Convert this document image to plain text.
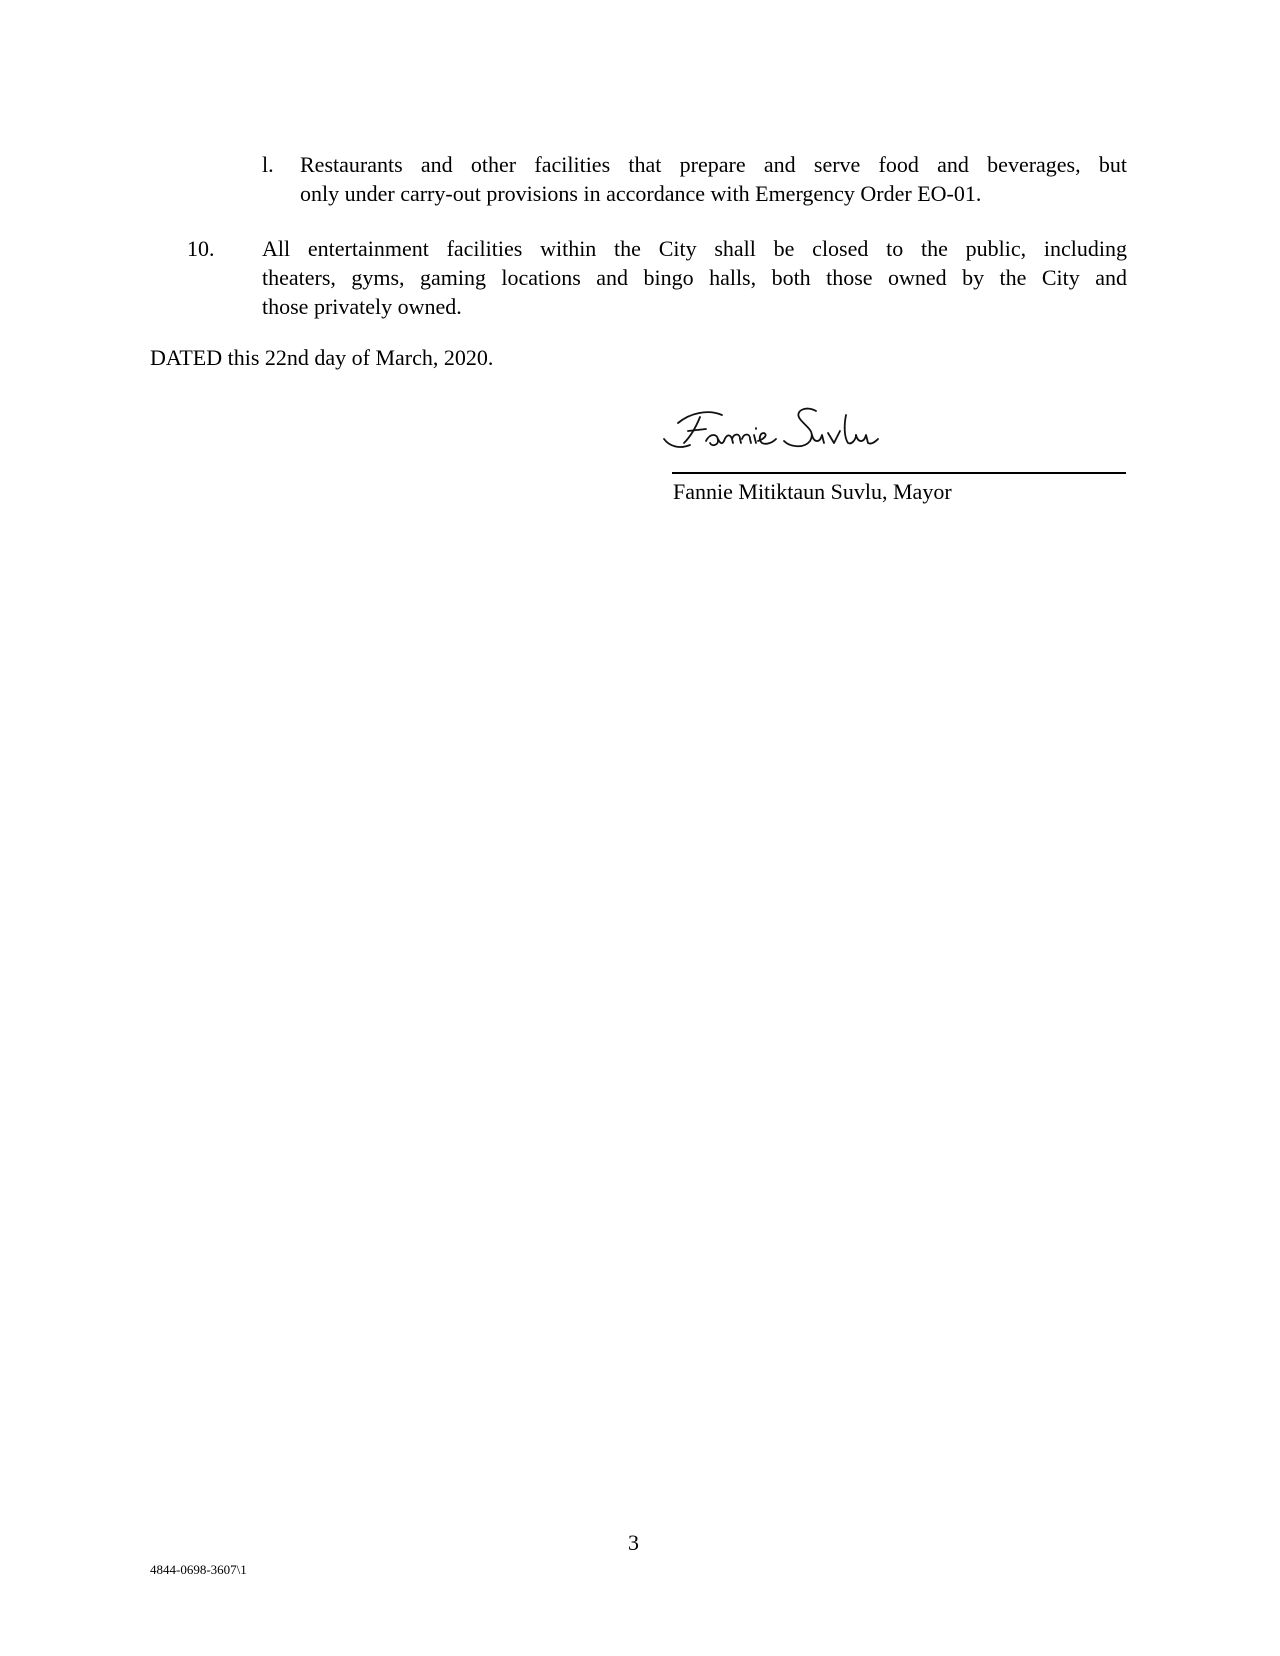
l. Restaurants and other facilities that prepare and serve food and beverages, but
only under carry-out provisions in accordance with Emergency Order EO-01.
10. All entertainment facilities within the City shall be closed to the public, including
theaters, gyms, gaming locations and bingo halls, both those owned by the City and
those privately owned.
DATED this 22nd day of March, 2020.
Fannie Mitiktaun Suvlu, Mayor
3
4844-0698-3607\1
